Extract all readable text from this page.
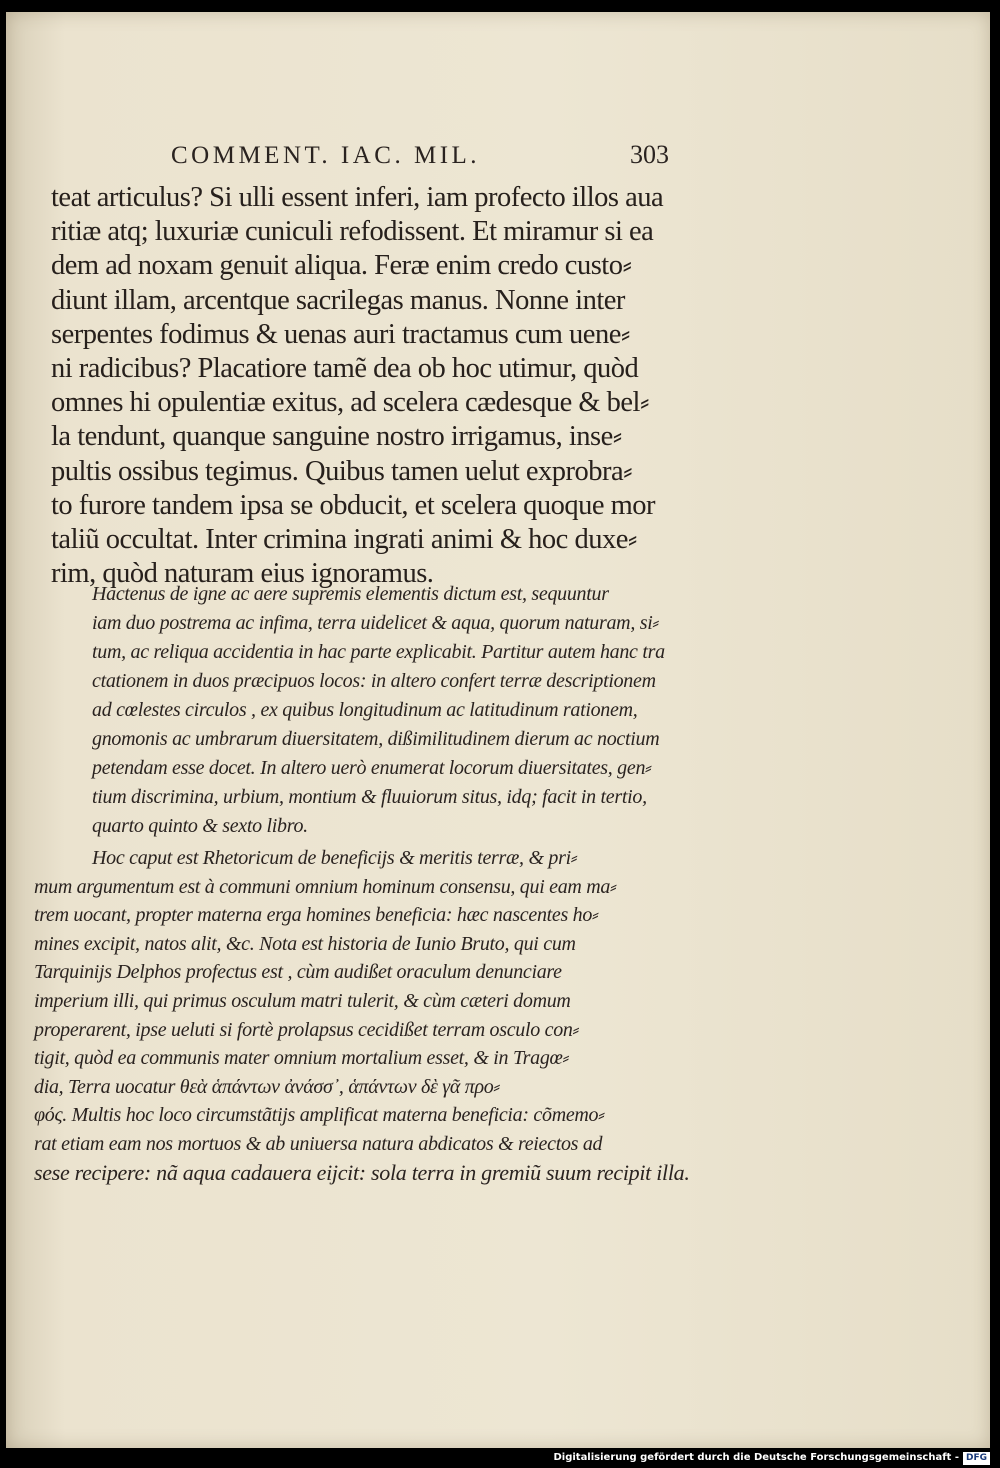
COMMENT. IAC. MIL.	303
teat articulus? Si ulli essent inferi, iam profecto illos aua
ritiæ atq; luxuriæ cuniculi refodissent. Et miramur si ea
dem ad noxam genuit aliqua. Feræ enim credo custo⸗
diunt illam, arcentque sacrilegas manus. Nonne inter
serpentes fodimus & uenas auri tractamus cum uene⸗
ni radicibus? Placatiore tamẽ dea ob hoc utimur, quòd
omnes hi opulentiæ exitus, ad scelera cædesque & bel⸗
la tendunt, quanque sanguine nostro irrigamus, inse⸗
pultis ossibus tegimus. Quibus tamen uelut exprobra⸗
to furore tandem ipsa se obducit, et scelera quoque mor
taliũ occultat. Inter crimina ingrati animi & hoc duxe⸗
rim, quòd naturam eius ignoramus.
Hactenus de igne ac aere supremis elementis dictum est, sequuntur
iam duo postrema ac infima, terra uidelicet & aqua, quorum naturam, si⸗
tum, ac reliqua accidentia in hac parte explicabit. Partitur autem hanc tra
ctationem in duos præcipuos locos: in altero confert terræ descriptionem
ad cœlestes circulos , ex quibus longitudinum ac latitudinum rationem,
gnomonis ac umbrarum diuersitatem, dißimilitudinem dierum ac noctium
petendam esse docet. In altero uerò enumerat locorum diuersitates, gen⸗
tium discrimina, urbium, montium & fluuiorum situs, idq; facit in tertio,
quarto quinto & sexto libro.
Hoc caput est Rhetoricum de beneficijs & meritis terræ, & pri⸗
mum argumentum est à communi omnium hominum consensu, qui eam ma⸗
trem uocant, propter materna erga homines beneficia: hæc nascentes ho⸗
mines excipit, natos alit, &c. Nota est historia de Iunio Bruto, qui cum
Tarquinijs Delphos profectus est , cùm audißet oraculum denunciare
imperium illi, qui primus osculum matri tulerit, & cùm cæteri domum
properarent, ipse ueluti si fortè prolapsus cecidißet terram osculo con⸗
tigit, quòd ea communis mater omnium mortalium esset, & in Tragœ⸗
dia, Terra uocatur θεὰ ἁπάντων ἀνάσσ᾽, ἁπάντων δὲ γᾶ προ⸗
φός. Multis hoc loco circumstãtijs amplificat materna beneficia: cõmemo⸗
rat etiam eam nos mortuos & ab uniuersa natura abdicatos & reiectos ad
sese recipere: nã aqua cadauera eijcit: sola terra in gremiũ suum recipit illa.
Digitalisierung gefördert durch die Deutsche Forschungsgemeinschaft - DFG
